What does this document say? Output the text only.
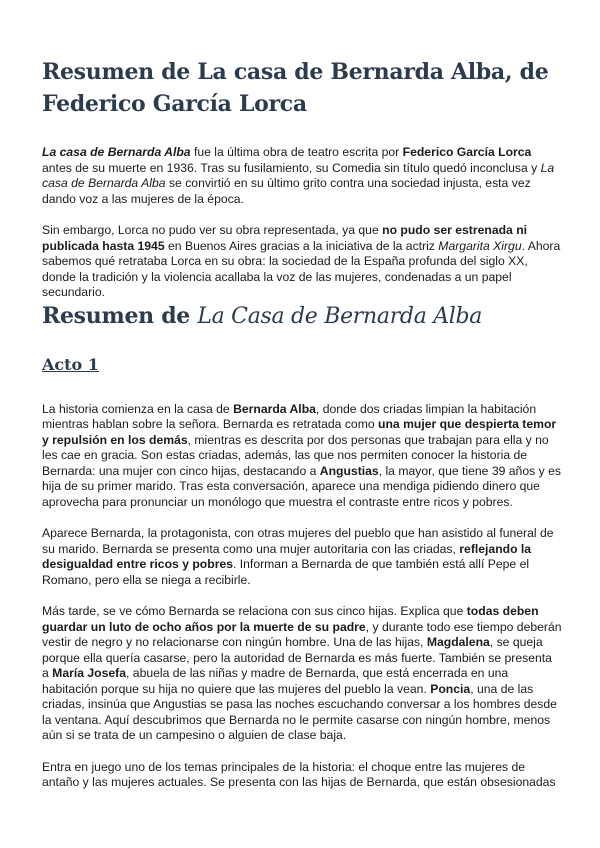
Resumen de La casa de Bernarda Alba, de Federico García Lorca

La casa de Bernarda Alba fue la última obra de teatro escrita por Federico García Lorca antes de su muerte en 1936. Tras su fusilamiento, su Comedia sin título quedó inconclusa y La casa de Bernarda Alba se convirtió en su último grito contra una sociedad injusta, esta vez dando voz a las mujeres de la época.

Sin embargo, Lorca no pudo ver su obra representada, ya que no pudo ser estrenada ni publicada hasta 1945 en Buenos Aires gracias a la iniciativa de la actriz Margarita Xirgu. Ahora sabemos qué retrataba Lorca en su obra: la sociedad de la España profunda del siglo XX, donde la tradición y la violencia acallaba la voz de las mujeres, condenadas a un papel secundario.

Resumen de La Casa de Bernarda Alba
Acto 1

La historia comienza en la casa de Bernarda Alba, donde dos criadas limpian la habitación mientras hablan sobre la señora. Bernarda es retratada como una mujer que despierta temor y repulsión en los demás, mientras es descrita por dos personas que trabajan para ella y no les cae en gracia. Son estas criadas, además, las que nos permiten conocer la historia de Bernarda: una mujer con cinco hijas, destacando a Angustias, la mayor, que tiene 39 años y es hija de su primer marido. Tras esta conversación, aparece una mendiga pidiendo dinero que aprovecha para pronunciar un monólogo que muestra el contraste entre ricos y pobres.

Aparece Bernarda, la protagonista, con otras mujeres del pueblo que han asistido al funeral de su marido. Bernarda se presenta como una mujer autoritaria con las criadas, reflejando la desigualdad entre ricos y pobres. Informan a Bernarda de que también está allí Pepe el Romano, pero ella se niega a recibirle.

Más tarde, se ve cómo Bernarda se relaciona con sus cinco hijas. Explica que todas deben guardar un luto de ocho años por la muerte de su padre, y durante todo ese tiempo deberán vestir de negro y no relacionarse con ningún hombre. Una de las hijas, Magdalena, se queja porque ella quería casarse, pero la autoridad de Bernarda es más fuerte. También se presenta a María Josefa, abuela de las niñas y madre de Bernarda, que está encerrada en una habitación porque su hija no quiere que las mujeres del pueblo la vean. Poncia, una de las criadas, insinúa que Angustias se pasa las noches escuchando conversar a los hombres desde la ventana. Aquí descubrimos que Bernarda no le permite casarse con ningún hombre, menos aún si se trata de un campesino o alguien de clase baja.

Entra en juego uno de los temas principales de la historia: el choque entre las mujeres de antaño y las mujeres actuales. Se presenta con las hijas de Bernarda, que están obsesionadas
